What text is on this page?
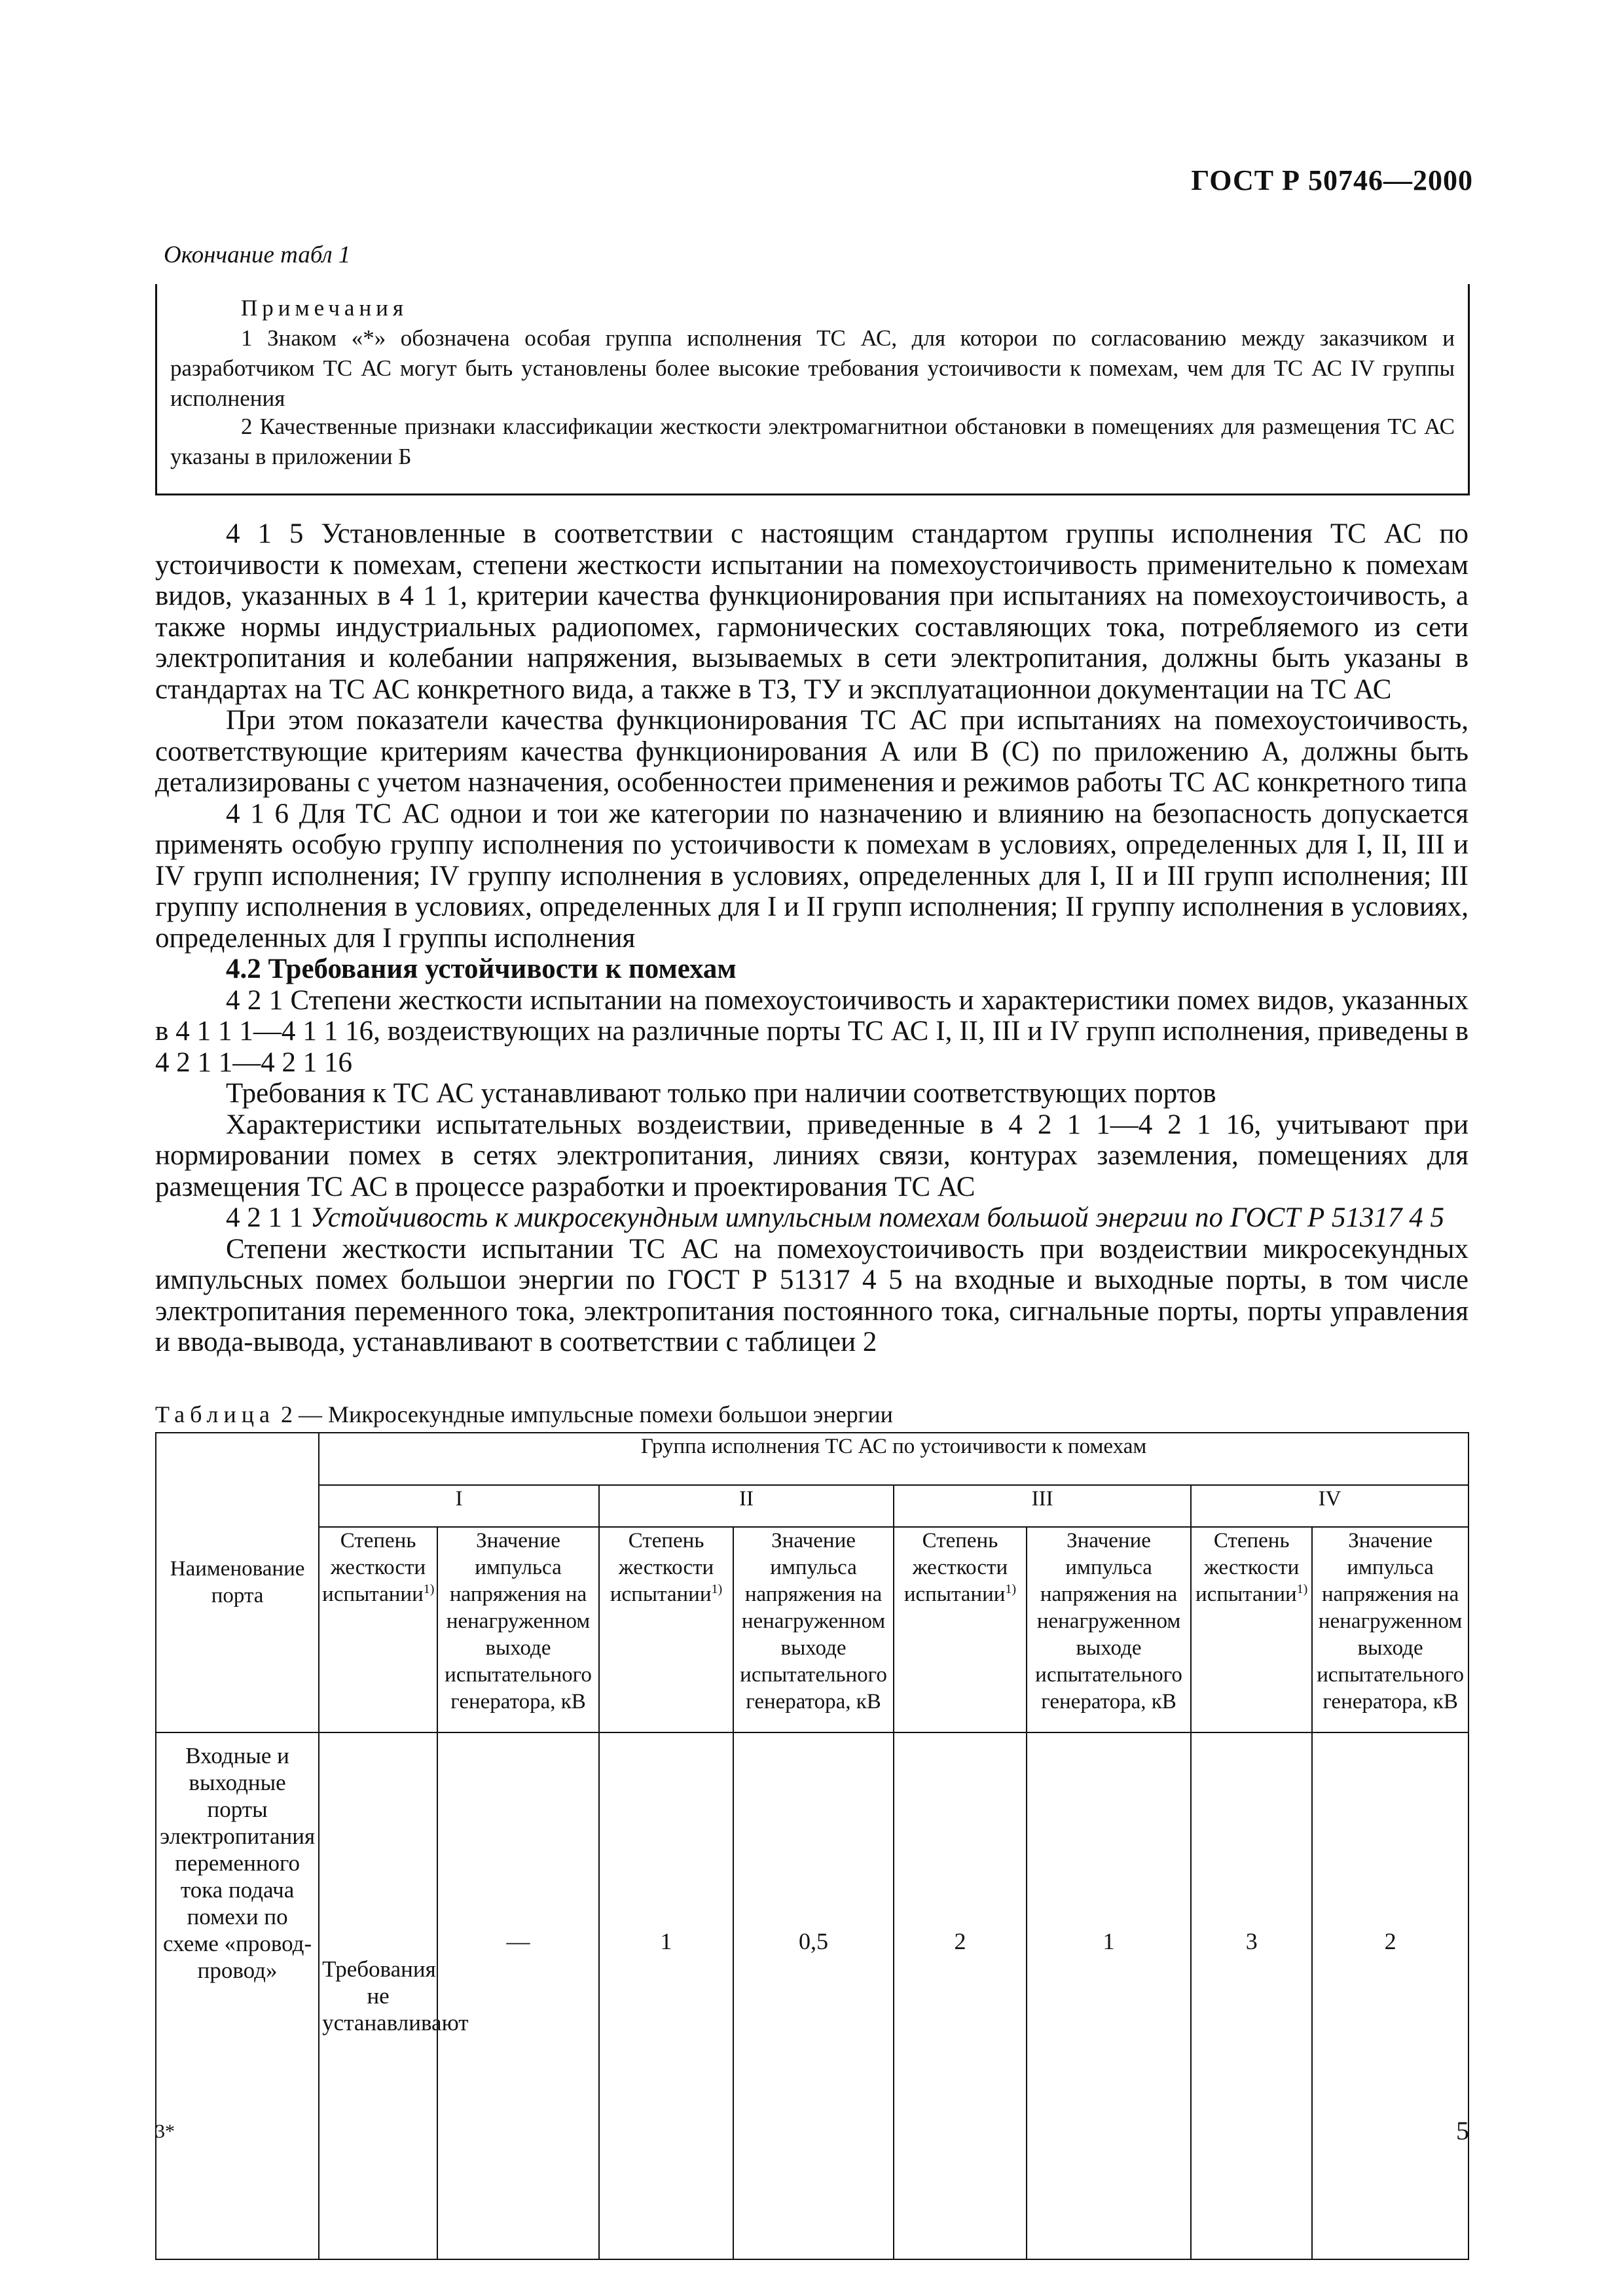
ГОСТ Р 50746—2000
Окончание табл 1
Примечания
1 Знаком «*» обозначена особая группа исполнения ТС АС, для которои по согласованию между заказчиком и разработчиком ТС АС могут быть установлены более высокие требования устоичивости к помехам, чем для ТС АС IV группы исполнения
2 Качественные признаки классификации жесткости электромагнитнои обстановки в помещениях для размещения ТС АС указаны в приложении Б

4 1 5 Установленные в соответствии с настоящим стандартом группы исполнения ТС АС по устоичивости к помехам, степени жесткости испытании на помехоустоичивость применительно к помехам видов, указанных в 4 1 1, критерии качества функционирования при испытаниях на помехоустоичивость, а также нормы индустриальных радиопомех, гармонических составляющих тока, потребляемого из сети электропитания и колебании напряжения, вызываемых в сети электропитания, должны быть указаны в стандартах на ТС АС конкретного вида, а также в ТЗ, ТУ и эксплуатационнои документации на ТС АС

При этом показатели качества функционирования ТС АС при испытаниях на помехоустоичивость, соответствующие критериям качества функционирования А или В (С) по приложению А, должны быть детализированы с учетом назначения, особенностеи применения и режимов работы ТС АС конкретного типа

4 1 6 Для ТС АС однои и тои же категории по назначению и влиянию на безопасность допускается применять особую группу исполнения по устоичивости к помехам в условиях, определенных для I, II, III и IV групп исполнения; IV группу исполнения в условиях, определенных для I, II и III групп исполнения; III группу исполнения в условиях, определенных для I и II групп исполнения; II группу исполнения в условиях, определенных для I группы исполнения

4.2 Требования устойчивости к помехам

4 2 1 Степени жесткости испытании на помехоустоичивость и характеристики помех видов, указанных в 4 1 1 1—4 1 1 16, воздеиствующих на различные порты ТС АС I, II, III и IV групп исполнения, приведены в 4 2 1 1—4 2 1 16

Требования к ТС АС устанавливают только при наличии соответствующих портов

Характеристики испытательных воздеиствии, приведенные в 4 2 1 1—4 2 1 16, учитывают при нормировании помех в сетях электропитания, линиях связи, контурах заземления, помещениях для размещения ТС АС в процессе разработки и проектирования ТС АС

4 2 1 1 Устойчивость к микросекундным импульсным помехам большой энергии по ГОСТ Р 51317 4 5

Степени жесткости испытании ТС АС на помехоустоичивость при воздеиствии микросекундных импульсных помех большои энергии по ГОСТ Р 51317 4 5 на входные и выходные порты, в том числе электропитания переменного тока, электропитания постоянного тока, сигнальные порты, порты управления и ввода-вывода, устанавливают в соответствии с таблицеи 2

Таблица 2 — Микросекундные импульсные помехи большои энергии
Наименование порта	Группа исполнения ТС АС по устоичивости к помехам							
	I		II		III		IV	
	Степень жесткости испытании$^{1)}$	Значение импульса напряжения на ненагруженном выходе испытательного генератора, кВ	Степень жесткости испытании$^{1)}$	Значение импульса напряжения на ненагруженном выходе испытательного генератора, кВ	Степень жесткости испытании$^{1)}$	Значение импульса напряжения на ненагруженном выходе испытательного генератора, кВ	Степень жесткости испытании$^{1)}$	Значение импульса напряжения на ненагруженном выходе испытательного генератора, кВ
Входные и выходные порты электропитания переменного тока подача помехи по схеме «провод-провод»	Требования не устанавливают	—	1	0,5	2	1	3	2
3*	5
